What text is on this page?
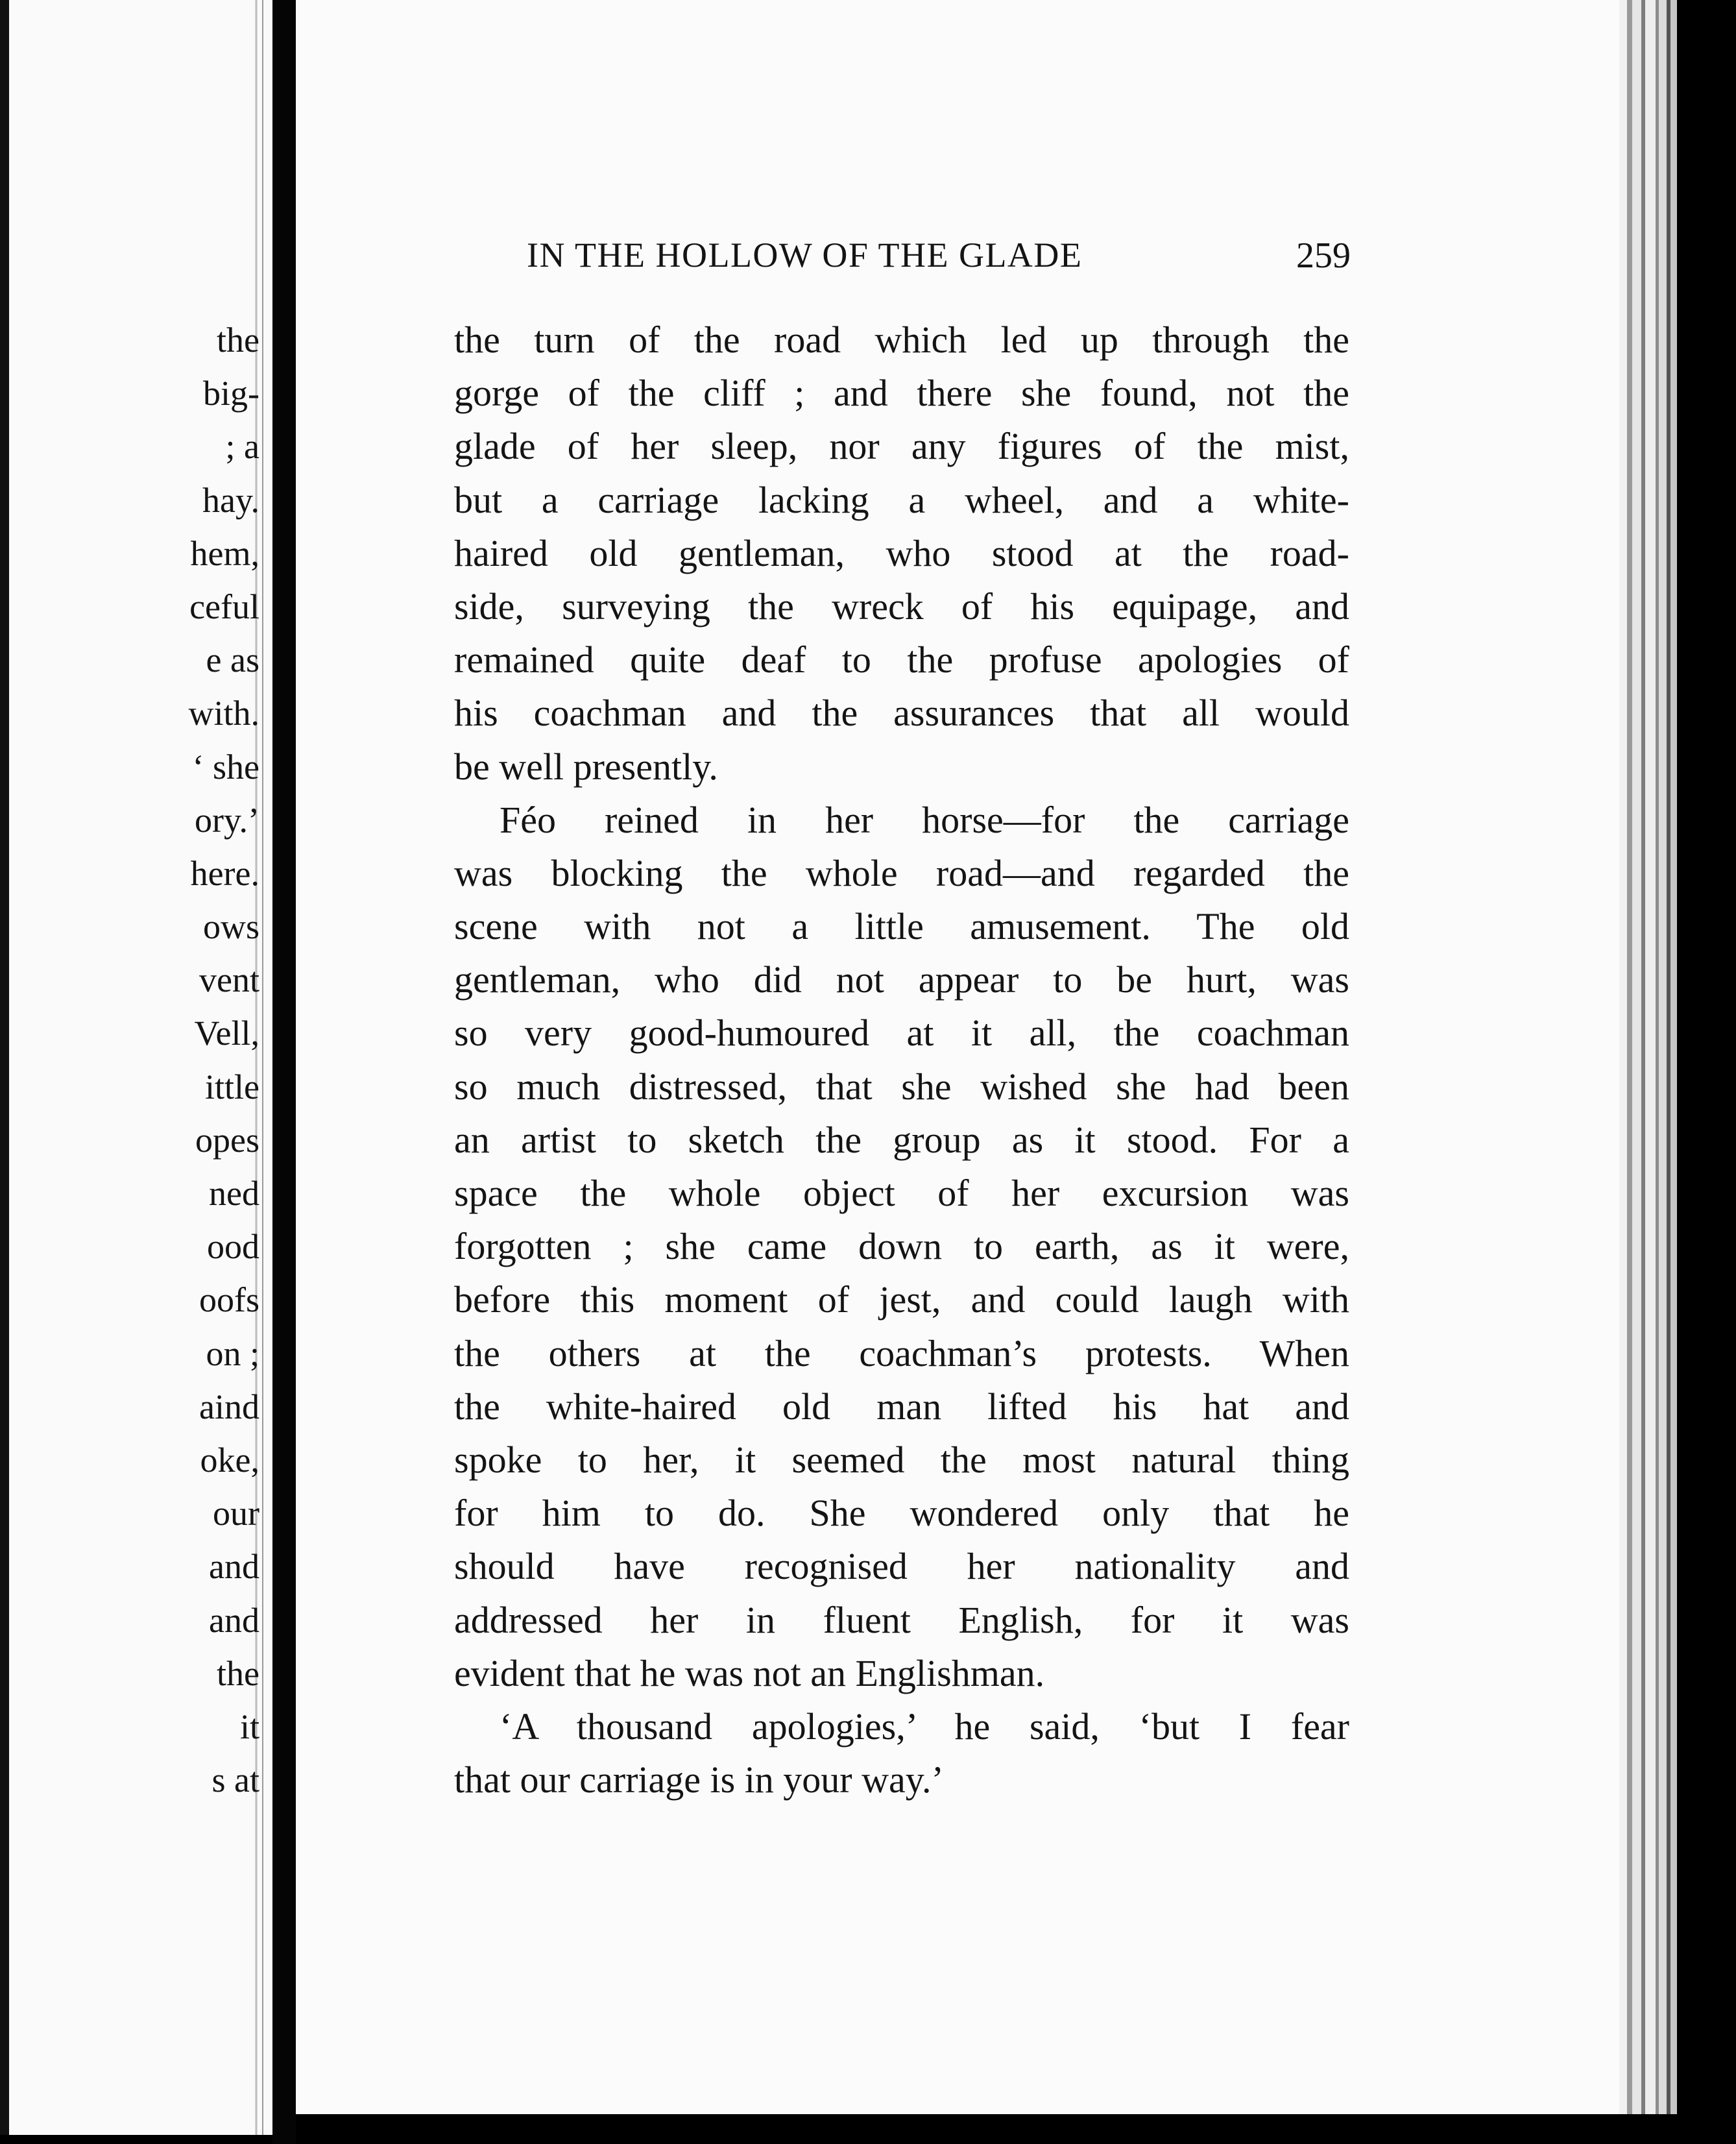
the
big-
; a
hay.
hem,
ceful
e as
with.
‘ she
ory.’
here.
ows
vent
Vell,
ittle
opes
ned
ood
oofs
on ;
aind
oke,
our
and
and
the
it
s at
IN THE HOLLOW OF THE GLADE	259
the turn of the road which led up through the
gorge of the cliff ; and there she found, not the
glade of her sleep, nor any figures of the mist,
but a carriage lacking a wheel, and a white-
haired old gentleman, who stood at the road-
side, surveying the wreck of his equipage, and
remained quite deaf to the profuse apologies of
his coachman and the assurances that all would
be well presently.
Féo reined in her horse—for the carriage
was blocking the whole road—and regarded the
scene with not a little amusement. The old
gentleman, who did not appear to be hurt, was
so very good-humoured at it all, the coachman
so much distressed, that she wished she had been
an artist to sketch the group as it stood. For a
space the whole object of her excursion was
forgotten ; she came down to earth, as it were,
before this moment of jest, and could laugh with
the others at the coachman’s protests. When
the white-haired old man lifted his hat and
spoke to her, it seemed the most natural thing
for him to do. She wondered only that he
should have recognised her nationality and
addressed her in fluent English, for it was
evident that he was not an Englishman.
‘A thousand apologies,’ he said, ‘but I fear
that our carriage is in your way.’
